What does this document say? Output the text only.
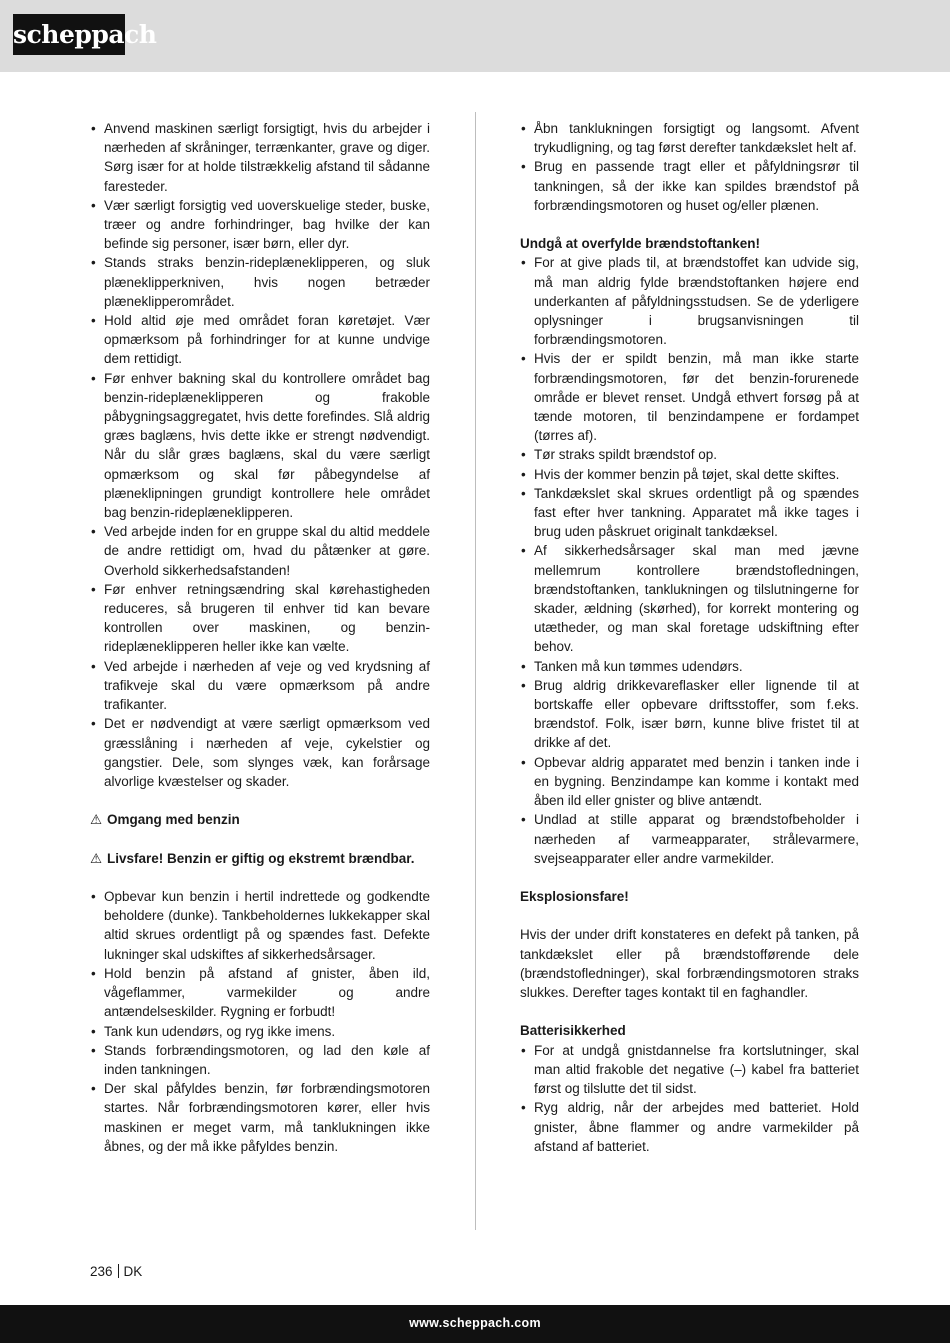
scheppach
• Anvend maskinen særligt forsigtigt, hvis du arbejder i nærheden af skråninger, terrænkanter, grave og diger. Sørg især for at holde tilstrækkelig afstand til sådanne faresteder.
• Vær særligt forsigtig ved uoverskuelige steder, buske, træer og andre forhindringer, bag hvilke der kan befinde sig personer, især børn, eller dyr.
• Stands straks benzin-rideplæneklipperen, og sluk plæneklipperkniven, hvis nogen betræder plæneklipperområdet.
• Hold altid øje med området foran køretøjet. Vær opmærksom på forhindringer for at kunne undvige dem rettidigt.
• Før enhver bakning skal du kontrollere området bag benzin-rideplæneklipperen og frakoble påbygningsaggregatet, hvis dette forefindes. Slå aldrig græs baglæns, hvis dette ikke er strengt nødvendigt. Når du slår græs baglæns, skal du være særligt opmærksom og skal før påbegyndelse af plæneklipningen grundigt kontrollere hele området bag benzin-rideplæneklipperen.
• Ved arbejde inden for en gruppe skal du altid meddele de andre rettidigt om, hvad du påtænker at gøre. Overhold sikkerhedsafstanden!
• Før enhver retningsændring skal kørehastigheden reduceres, så brugeren til enhver tid kan bevare kontrollen over maskinen, og benzin-rideplæneklipperen heller ikke kan vælte.
• Ved arbejde i nærheden af veje og ved krydsning af trafikveje skal du være opmærksom på andre trafikanter.
• Det er nødvendigt at være særligt opmærksom ved græsslåning i nærheden af veje, cykelstier og gangstier. Dele, som slynges væk, kan forårsage alvorlige kvæstelser og skader.
⚠ Omgang med benzin
⚠ Livsfare! Benzin er giftig og ekstremt brændbar.
• Opbevar kun benzin i hertil indrettede og godkendte beholdere (dunke). Tankbeholdernes lukkekapper skal altid skrues ordentligt på og spændes fast. Defekte lukninger skal udskiftes af sikkerhedsårsager.
• Hold benzin på afstand af gnister, åben ild, vågeflammer, varmekilder og andre antændelseskilder. Rygning er forbudt!
• Tank kun udendørs, og ryg ikke imens.
• Stands forbrændingsmotoren, og lad den køle af inden tankningen.
• Der skal påfyldes benzin, før forbrændingsmotoren startes. Når forbrændingsmotoren kører, eller hvis maskinen er meget varm, må tanklukningen ikke åbnes, og der må ikke påfyldes benzin.
• Åbn tanklukningen forsigtigt og langsomt. Afvent trykudligning, og tag først derefter tankdækslet helt af.
• Brug en passende tragt eller et påfyldningsrør til tankningen, så der ikke kan spildes brændstof på forbrændingsmotoren og huset og/eller plænen.
Undgå at overfylde brændstoftanken!
• For at give plads til, at brændstoffet kan udvide sig, må man aldrig fylde brændstoftanken højere end underkanten af påfyldningsstudsen. Se de yderligere oplysninger i brugsanvisningen til forbrændingsmotoren.
• Hvis der er spildt benzin, må man ikke starte forbrændingsmotoren, før det benzin-forurenede område er blevet renset. Undgå ethvert forsøg på at tænde motoren, til benzindampene er fordampet (tørres af).
• Tør straks spildt brændstof op.
• Hvis der kommer benzin på tøjet, skal dette skiftes.
• Tankdækslet skal skrues ordentligt på og spændes fast efter hver tankning. Apparatet må ikke tages i brug uden påskruet originalt tankdæksel.
• Af sikkerhedsårsager skal man med jævne mellemrum kontrollere brændstofledningen, brændstoftanken, tanklukningen og tilslutningerne for skader, ældning (skørhed), for korrekt montering og utætheder, og man skal foretage udskiftning efter behov.
• Tanken må kun tømmes udendørs.
• Brug aldrig drikkevareflasker eller lignende til at bortskaffe eller opbevare driftsstoffer, som f.eks. brændstof. Folk, især børn, kunne blive fristet til at drikke af det.
• Opbevar aldrig apparatet med benzin i tanken inde i en bygning. Benzindampe kan komme i kontakt med åben ild eller gnister og blive antændt.
• Undlad at stille apparat og brændstofbeholder i nærheden af varmeapparater, strålevarmere, svejseapparater eller andre varmekilder.
Eksplosionsfare!
Hvis der under drift konstateres en defekt på tanken, på tankdækslet eller på brændstofførende dele (brændstofledninger), skal forbrændingsmotoren straks slukkes. Derefter tages kontakt til en faghandler.
Batterisikkerhed
• For at undgå gnistdannelse fra kortslutninger, skal man altid frakoble det negative (–) kabel fra batteriet først og tilslutte det til sidst.
• Ryg aldrig, når der arbejdes med batteriet. Hold gnister, åbne flammer og andre varmekilder på afstand af batteriet.
236 DK
www.scheppach.com
